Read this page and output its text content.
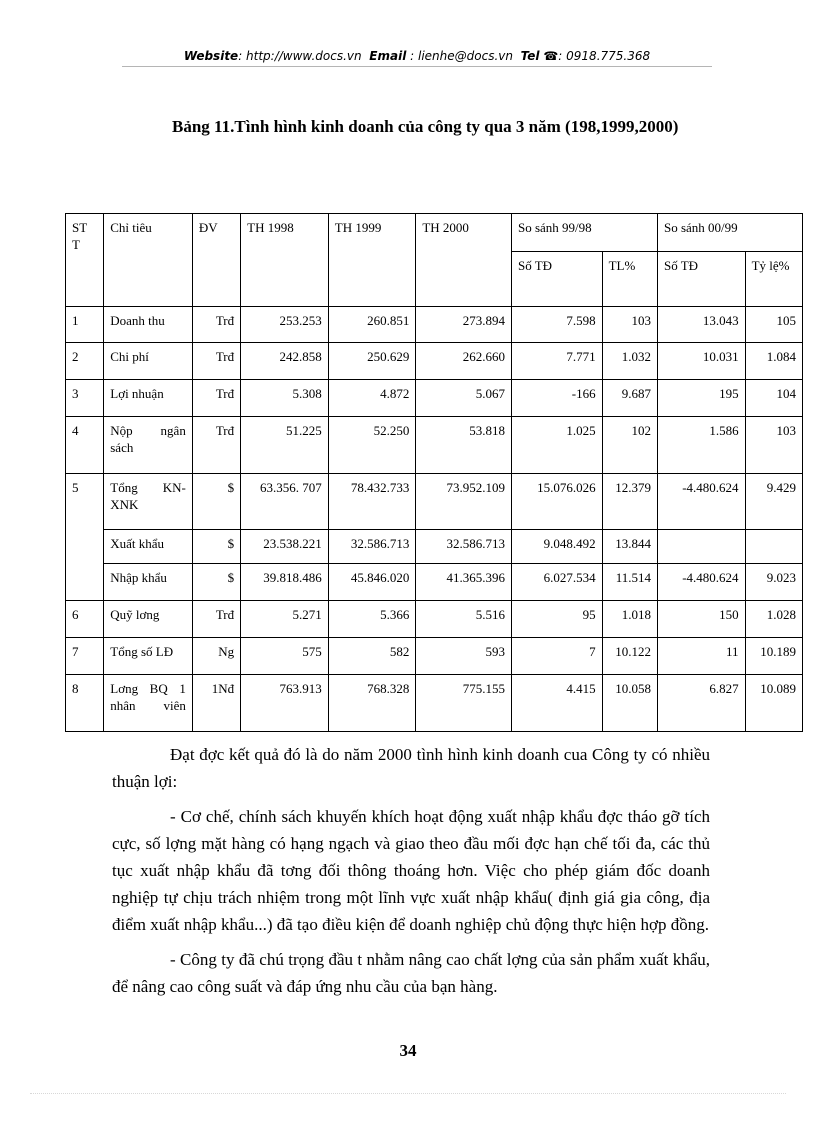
Website: http://www.docs.vn Email : lienhe@docs.vn Tel ☎: 0918.775.368
Bảng 11.Tình hình kinh doanh của công ty qua 3 năm (198,1999,2000)
ST T	Chỉ tiêu	ĐV	TH 1998	TH 1999	TH 2000	So sánh 99/98		So sánh 00/99	
						Số TĐ	TL%	Số TĐ	Tỷ lệ%
1	Doanh thu	Trđ	253.253	260.851	273.894	7.598	103	13.043	105
2	Chi phí	Trđ	242.858	250.629	262.660	7.771	1.032	10.031	1.084
3	Lợi nhuận	Trđ	5.308	4.872	5.067	-166	9.687	195	104
4	Nộp ngân sách	Trđ	51.225	52.250	53.818	1.025	102	1.586	103
5	Tổng KN-XNK	$	63.356. 707	78.432.733	73.952.109	15.076.026	12.379	-4.480.624	9.429
	Xuất khẩu	$	23.538.221	32.586.713	32.586.713	9.048.492	13.844		
	Nhập khẩu	$	39.818.486	45.846.020	41.365.396	6.027.534	11.514	-4.480.624	9.023
6	Quỹ lơng	Trđ	5.271	5.366	5.516	95	1.018	150	1.028
7	Tổng số LĐ	Ng	575	582	593	7	10.122	11	10.189
8	Lơng BQ 1 nhân viên	1Nđ	763.913	768.328	775.155	4.415	10.058	6.827	10.089

Đạt đợc kết quả đó là do năm 2000 tình hình kinh doanh cua Công ty có nhiều thuận lợi:

- Cơ chế, chính sách khuyến khích hoạt động xuất nhập khẩu đợc tháo gỡ tích cực, số lợng mặt hàng có hạng ngạch và giao theo đầu mối đợc hạn chế tối đa, các thủ tục xuất nhập khẩu đã tơng đối thông thoáng hơn. Việc cho phép giám đốc doanh nghiệp tự chịu trách nhiệm trong một lĩnh vực xuất nhập khẩu( định giá gia công, địa điểm xuất nhập khẩu...) đã tạo điều kiện để doanh nghiệp chủ động thực hiện hợp đồng.

- Công ty đã chú trọng đầu t nhằm nâng cao chất lợng của sản phẩm xuất khẩu, để nâng cao công suất và đáp ứng nhu cầu của bạn hàng.

34
